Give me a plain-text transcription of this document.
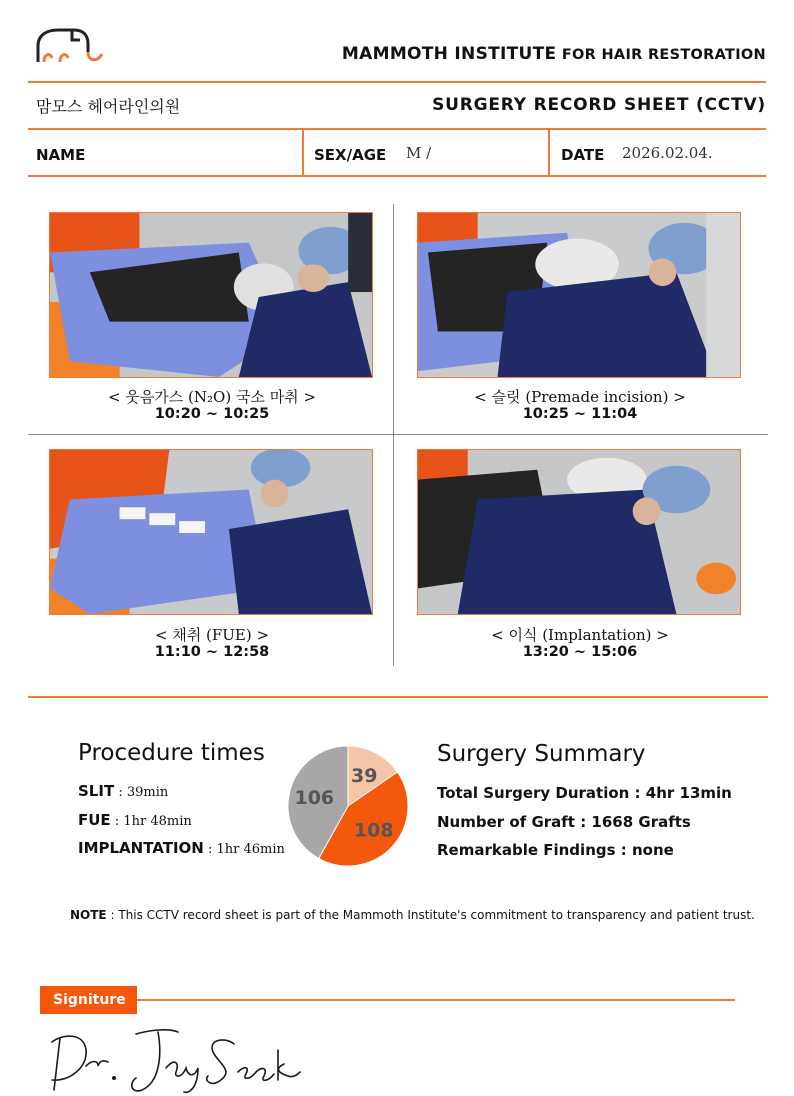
MAMMOTH INSTITUTE FOR HAIR RESTORATION
맘모스 헤어라인의원	SURGERY RECORD SHEET (CCTV)
NAME	SEX/AGE M /	DATE 2026.02.04.
< 웃음가스 (N₂O) 국소 마취 >
10:20 ~ 10:25
< 슬릿 (Premade incision) >
10:25 ~ 11:04
< 채취 (FUE) >
11:10 ~ 12:58
< 이식 (Implantation) >
13:20 ~ 15:06
Procedure times
SLIT : 39min
FUE : 1hr 48min
IMPLANTATION : 1hr 46min
39
108
106
Surgery Summary
Total Surgery Duration : 4hr 13min
Number of Graft : 1668 Grafts
Remarkable Findings : none
NOTE : This CCTV record sheet is part of the Mammoth Institute's commitment to transparency and patient trust.
Signiture
